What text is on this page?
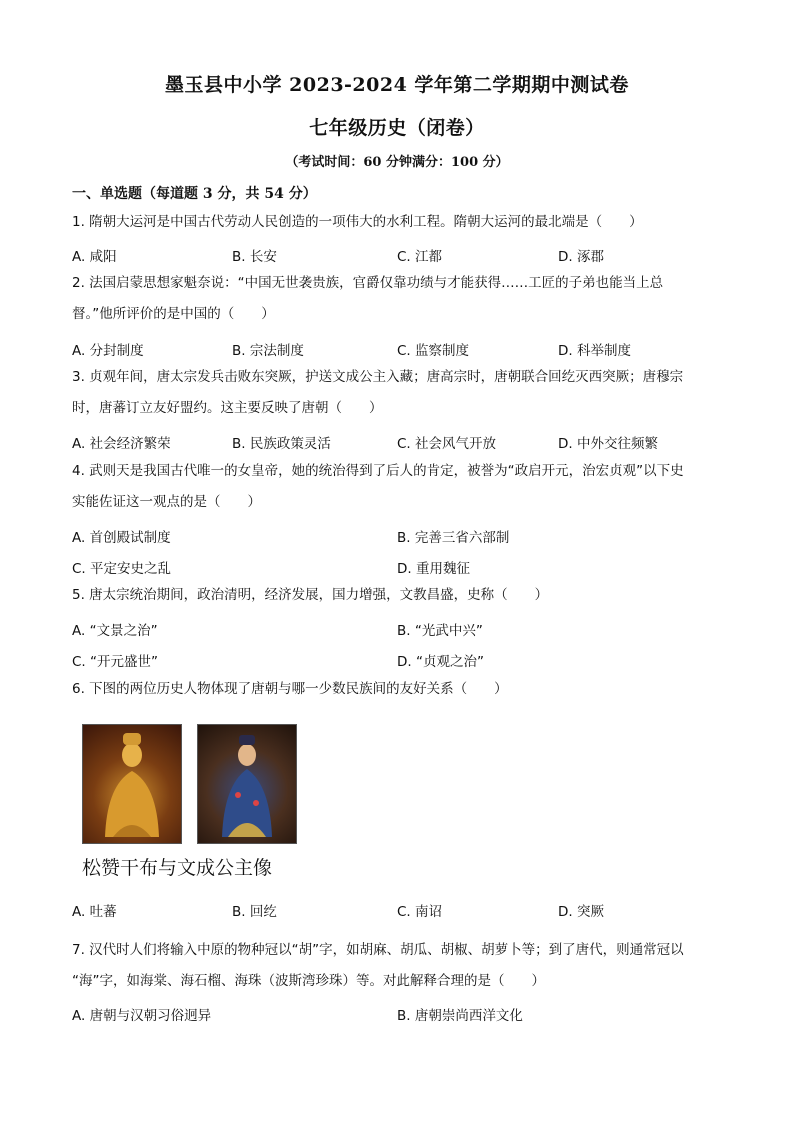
墨玉县中小学 2023-2024 学年第二学期期中测试卷
七年级历史（闭卷）
（考试时间：60 分钟满分：100 分）
一、单选题（每道题 3 分，共 54 分）
1. 隋朝大运河是中国古代劳动人民创造的一项伟大的水利工程。隋朝大运河的最北端是（　　）
A. 咸阳	B. 长安	C. 江都	D. 涿郡
2. 法国启蒙思想家魁奈说：“中国无世袭贵族，官爵仅靠功绩与才能获得……工匠的子弟也能当上总
督。”他所评价的是中国的（　　）
A. 分封制度	B. 宗法制度	C. 监察制度	D. 科举制度
3. 贞观年间，唐太宗发兵击败东突厥，护送文成公主入藏；唐高宗时，唐朝联合回纥灭西突厥；唐穆宗
时，唐蕃订立友好盟约。这主要反映了唐朝（　　）
A. 社会经济繁荣	B. 民族政策灵活	C. 社会风气开放	D. 中外交往频繁
4. 武则天是我国古代唯一的女皇帝，她的统治得到了后人的肯定，被誉为“政启开元，治宏贞观”以下史
实能佐证这一观点的是（　　）
A. 首创殿试制度	B. 完善三省六部制
C. 平定安史之乱	D. 重用魏征
5. 唐太宗统治期间，政治清明，经济发展，国力增强，文教昌盛，史称（　　）
A. “文景之治”	B. “光武中兴”
C. “开元盛世”	D. “贞观之治”
6. 下图的两位历史人物体现了唐朝与哪一少数民族间的友好关系（　　）
松赞干布与文成公主像
A. 吐蕃	B. 回纥	C. 南诏	D. 突厥
7. 汉代时人们将输入中原的物种冠以“胡”字，如胡麻、胡瓜、胡椒、胡萝卜等；到了唐代，则通常冠以
“海”字，如海棠、海石榴、海珠（波斯湾珍珠）等。对此解释合理的是（　　）
A. 唐朝与汉朝习俗迥异	B. 唐朝崇尚西洋文化
